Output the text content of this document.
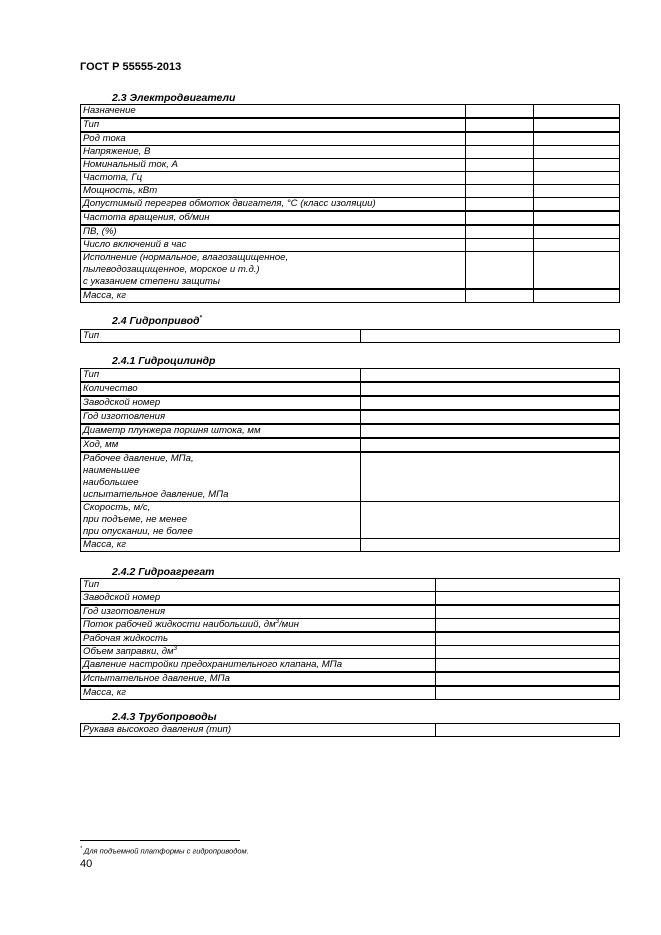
ГОСТ Р 55555-2013
2.3 Электродвигатели
Назначение		

Тип		

Род тока		

Напряжение, В		

Номинальный ток, А		

Частота, Гц		

Мощность, кВт		

Допустимый перегрев обмоток двигателя, °С (класс изоляции)		

Частота вращения, об/мин		

ПВ, (%)		

Число включений в час		

Исполнение (нормальное, влагозащищенное,
пылеводозащищенное, морское и т.д.)
с указанием степени защиты		

Масса, кг		

2.4 Гидропривод*
Тип

2.4.1 Гидроцилиндр
Тип	

Количество	

Заводской номер	

Год изготовления	

Диаметр плунжера поршня штока, мм	

Ход, мм	

Рабочее давление, МПа,
наименьшее
наибольшее
испытательное давление, МПа	

Скорость, м/с,
при подъеме, не менее
при опускании, не более	

Масса, кг	

2.4.2 Гидроагрегат
Тип	

Заводской номер	

Год изготовления	

Поток рабочей жидкости наибольший, $дм^3$/мин	

Рабочая жидкость	

Объем заправки, $дм^3$

Давление настройки предохранительного клапана, МПа	

Испытательное давление, МПа	

Масса, кг	

2.4.3 Трубопроводы
Рукава высокого давления (тип)

* Для подъемной платформы с гидроприводом.
40
